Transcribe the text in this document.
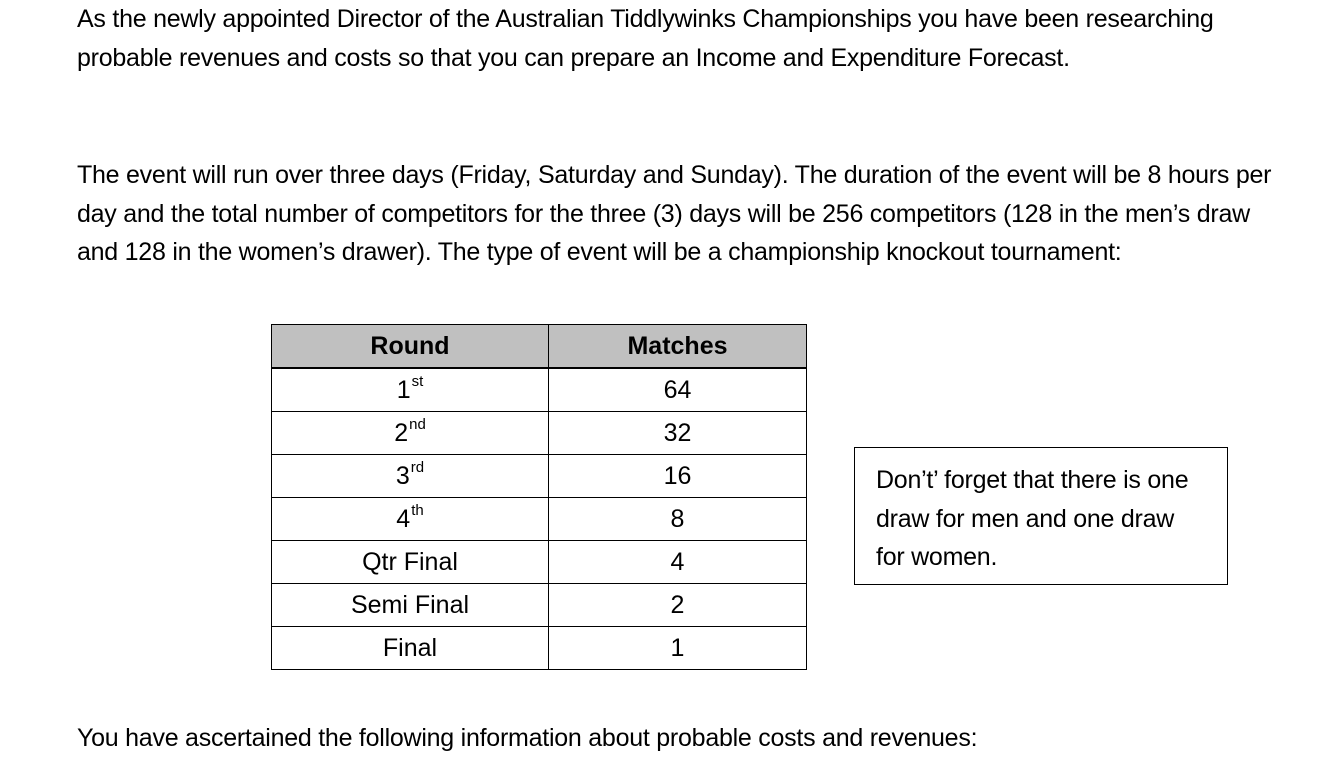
As the newly appointed Director of the Australian Tiddlywinks Championships you have been researching probable revenues and costs so that you can prepare an Income and Expenditure Forecast.

The event will run over three days (Friday, Saturday and Sunday). The duration of the event will be 8 hours per day and the total number of competitors for the three (3) days will be 256 competitors (128 in the men’s draw and 128 in the women’s drawer). The type of event will be a championship knockout tournament:

Round	Matches
1st	64
2nd	32
3rd	16
4th	8
Qtr Final	4
Semi Final	2
Final	1

Don’t’ forget that there is one draw for men and one draw for women.

You have ascertained the following information about probable costs and revenues:
